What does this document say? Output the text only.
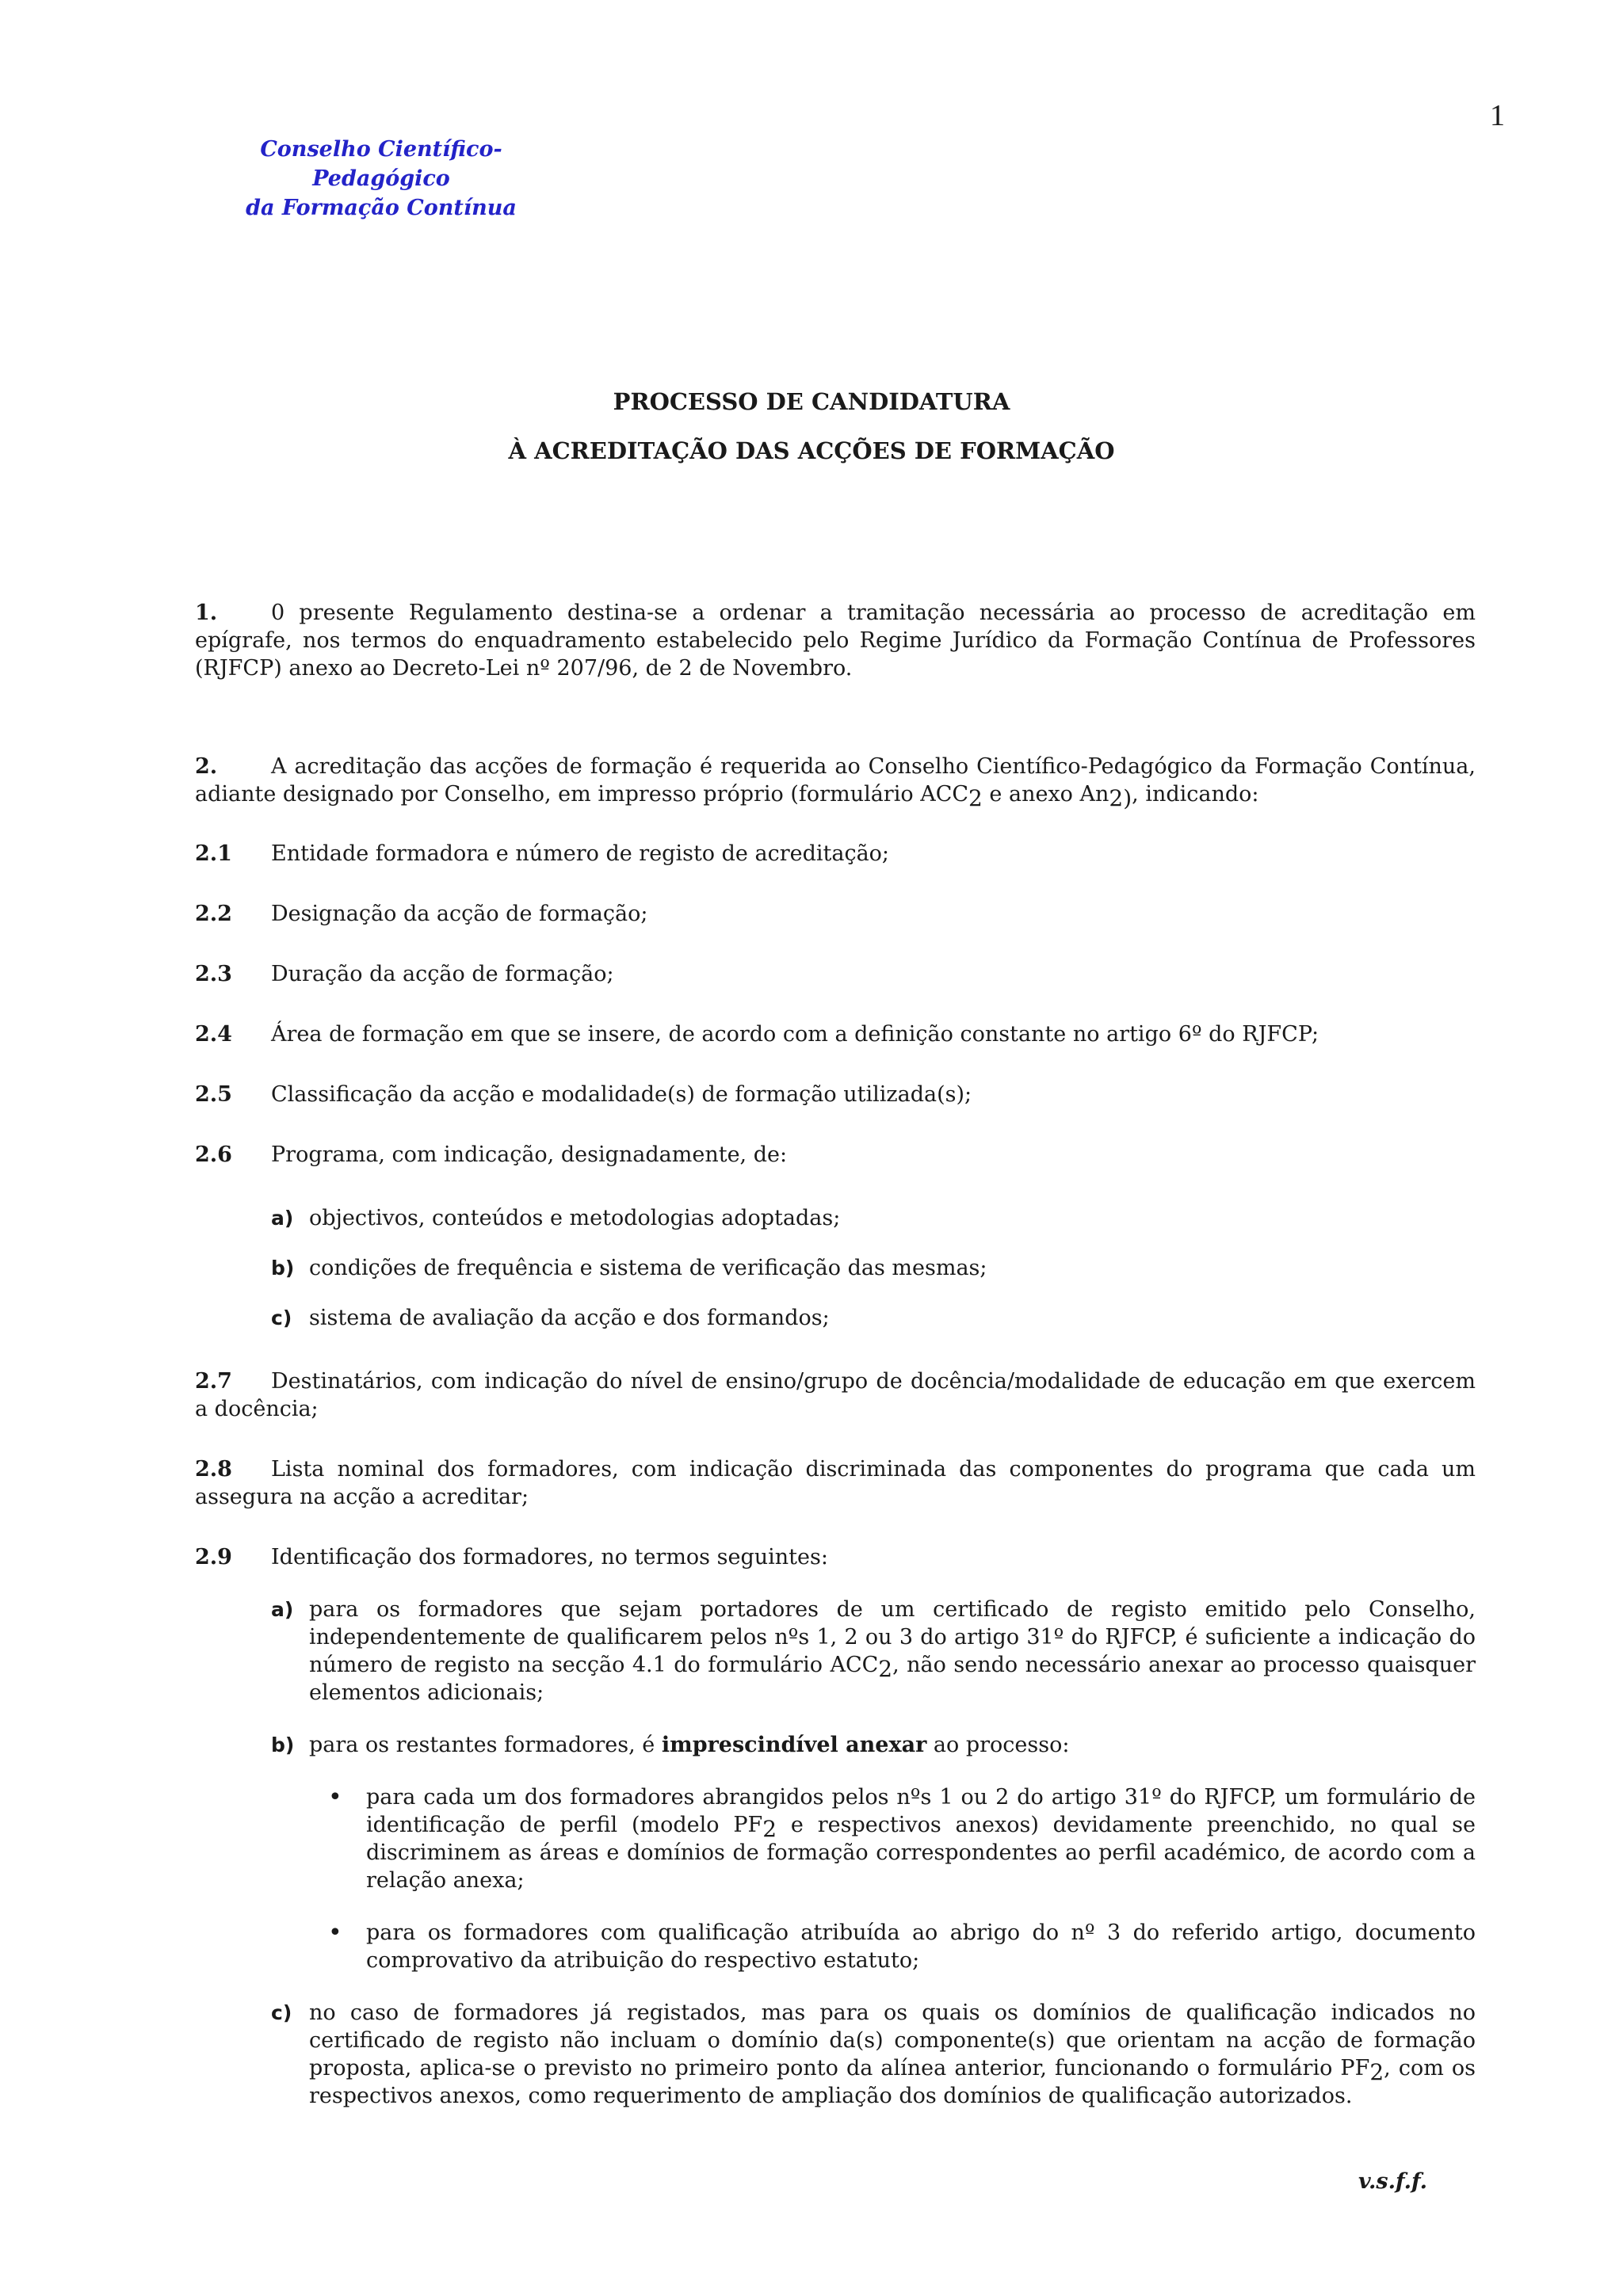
Conselho Científico-Pedagógico
da Formação Contínua
1
PROCESSO DE CANDIDATURA
À ACREDITAÇÃO DAS ACÇÕES DE FORMAÇÃO
1.	0 presente Regulamento destina-se a ordenar a tramitação necessária ao processo de acreditação em epígrafe, nos termos do enquadramento estabelecido pelo Regime Jurídico da Formação Contínua de Professores (RJFCP) anexo ao Decreto-Lei nº 207/96, de 2 de Novembro.
2.	A acreditação das acções de formação é requerida ao Conselho Científico-Pedagógico da Formação Contínua, adiante designado por Conselho, em impresso próprio (formulário $ACC_2$ e anexo $An_{2)}$, indicando:
2.1 Entidade formadora e número de registo de acreditação;
2.2 Designação da acção de formação;
2.3 Duração da acção de formação;
2.4 Área de formação em que se insere, de acordo com a definição constante no artigo 6º do RJFCP;
2.5 Classificação da acção e modalidade(s) de formação utilizada(s);
2.6 Programa, com indicação, designadamente, de:
a) objectivos, conteúdos e metodologias adoptadas;
b) condições de frequência e sistema de verificação das mesmas;
c) sistema de avaliação da acção e dos formandos;
2.7 Destinatários, com indicação do nível de ensino/grupo de docência/modalidade de educação em que exercem a docência;
2.8 Lista nominal dos formadores, com indicação discriminada das componentes do programa que cada um assegura na acção a acreditar;
2.9 Identificação dos formadores, no termos seguintes:
a) para os formadores que sejam portadores de um certificado de registo emitido pelo Conselho, independentemente de qualificarem pelos nºs 1, 2 ou 3 do artigo 31º do RJFCP, é suficiente a indicação do número de registo na secção 4.1 do formulário $ACC_2$, não sendo necessário anexar ao processo quaisquer elementos adicionais;
b) para os restantes formadores, é imprescindível anexar ao processo:
• para cada um dos formadores abrangidos pelos nºs 1 ou 2 do artigo 31º do RJFCP, um formulário de identificação de perfil (modelo $PF_2$ e respectivos anexos) devidamente preenchido, no qual se discriminem as áreas e domínios de formação correspondentes ao perfil académico, de acordo com a relação anexa;
• para os formadores com qualificação atribuída ao abrigo do nº 3 do referido artigo, documento comprovativo da atribuição do respectivo estatuto;
c) no caso de formadores já registados, mas para os quais os domínios de qualificação indicados no certificado de registo não incluam o domínio da(s) componente(s) que orientam na acção de formação proposta, aplica-se o previsto no primeiro ponto da alínea anterior, funcionando o formulário $PF_2$, com os respectivos anexos, como requerimento de ampliação dos domínios de qualificação autorizados.
v.s.f.f.
